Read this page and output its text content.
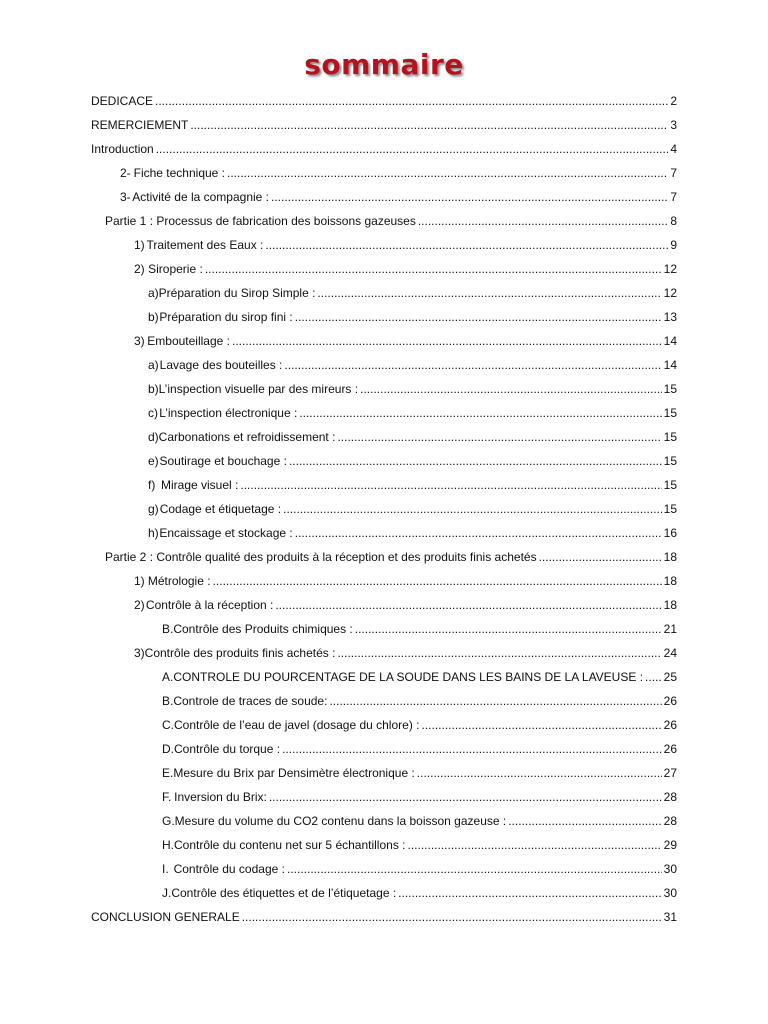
sommaire
DEDICACE .....	2
REMERCIEMENT .....	3
Introduction .....	4
2- Fiche technique : .....	7
3- Activité de la compagnie : .....	7
Partie 1 : Processus de fabrication des boissons gazeuses .....	8
1) Traitement des Eaux : .....	9
2) Siroperie : .....	12
a) Préparation du Sirop Simple : .....	12
b) Préparation du sirop fini : .....	13
3) Embouteillage : .....	14
a) Lavage des bouteilles : .....	14
b) L’inspection visuelle par des mireurs : .....	15
c) L’inspection électronique : .....	15
d) Carbonations et refroidissement : .....	15
e) Soutirage et bouchage : .....	15
f) Mirage visuel : .....	15
g) Codage et étiquetage : .....	15
h) Encaissage et stockage : .....	16
Partie 2 : Contrôle qualité des produits à la réception et des produits finis achetés .....	18
1) Métrologie : .....	18
2) Contrôle à la réception : .....	18
B. Contrôle des Produits chimiques : .....	21
3) Contrôle des produits finis achetés : .....	24
A. CONTROLE DU POURCENTAGE DE LA SOUDE DANS LES BAINS DE LA LAVEUSE : ..... 25
B. Controle de traces de soude: .....	26
C. Contrôle de l’eau de javel (dosage du chlore) : .....	26
D. Contrôle du torque : .....	26
E. Mesure du Brix par Densimètre électronique : .....	27
F. Inversion du Brix: .....	28
G. Mesure du volume du CO2 contenu dans la boisson gazeuse : .....	28
H. Contrôle du contenu net sur 5 échantillons : .....	29
I. Contrôle du codage : .....	30
J. Contrôle des étiquettes et de l’étiquetage : .....	30
CONCLUSION GENERALE .....	31
